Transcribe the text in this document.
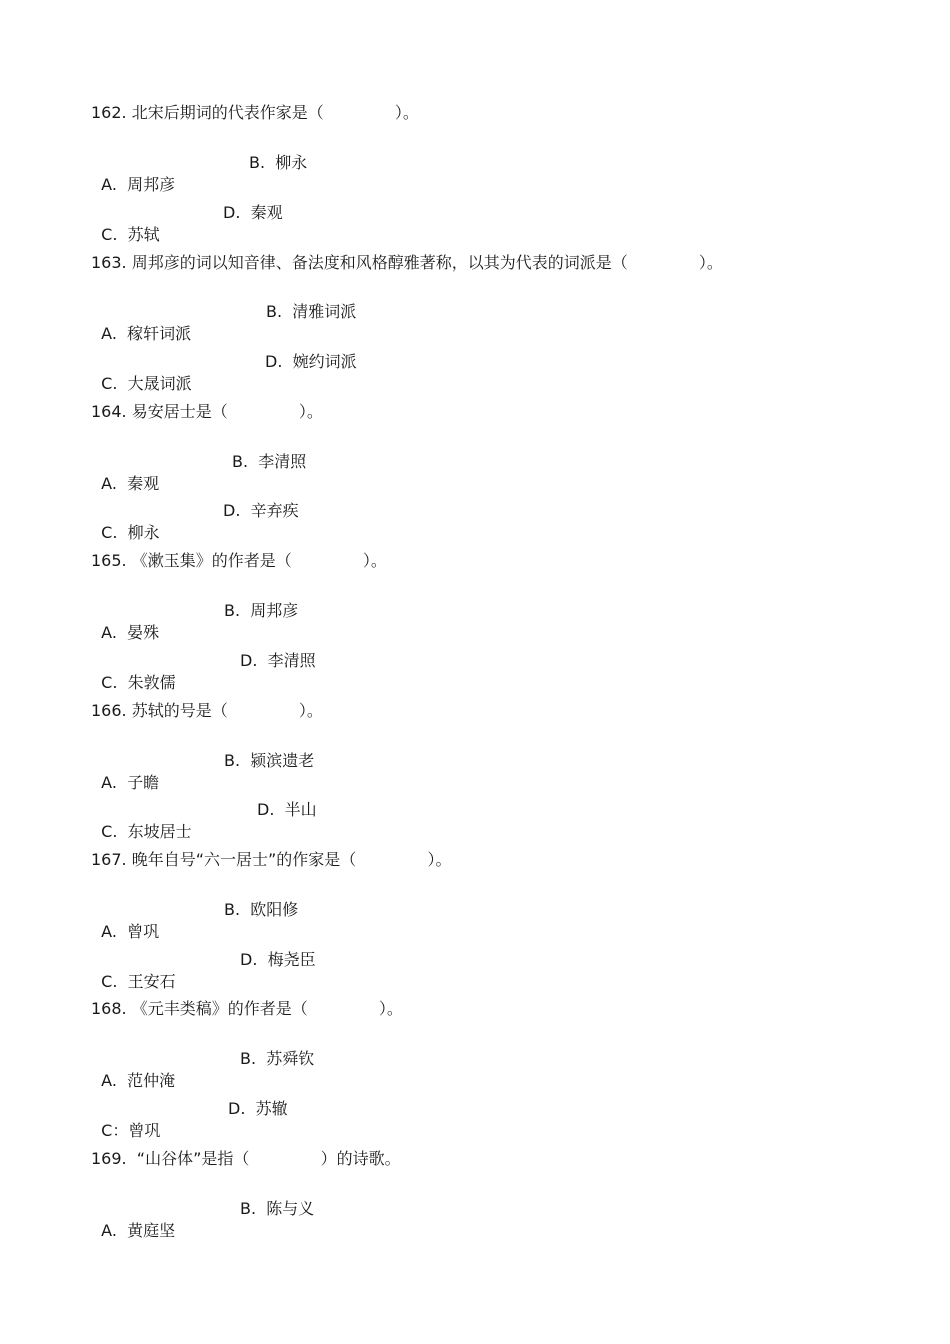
162. 北宋后期词的代表作家是（              ）。

A.  周邦彦

B.  柳永

C.  苏轼

D.  秦观

163. 周邦彦的词以知音律、备法度和风格醇雅著称，以其为代表的词派是（              ）。

A.  稼轩词派

B.  清雅词派

C.  大晟词派

D.  婉约词派

164. 易安居士是（              ）。

A.  秦观

B.  李清照

C.  柳永

D.  辛弃疾

165. 《漱玉集》的作者是（              ）。

A.  晏殊

B.  周邦彦

C.  朱敦儒

D.  李清照

166. 苏轼的号是（              ）。

A.  子瞻

B.  颍滨遗老

C.  东坡居士

D.  半山

167. 晚年自号“六一居士”的作家是（              ）。

A.  曾巩

B.  欧阳修

C.  王安石

D.  梅尧臣

168. 《元丰类稿》的作者是（              ）。

A.  范仲淹

B.  苏舜钦

C：曾巩

D.  苏辙

169.  “山谷体”是指（              ）的诗歌。

A.  黄庭坚

B.  陈与义
